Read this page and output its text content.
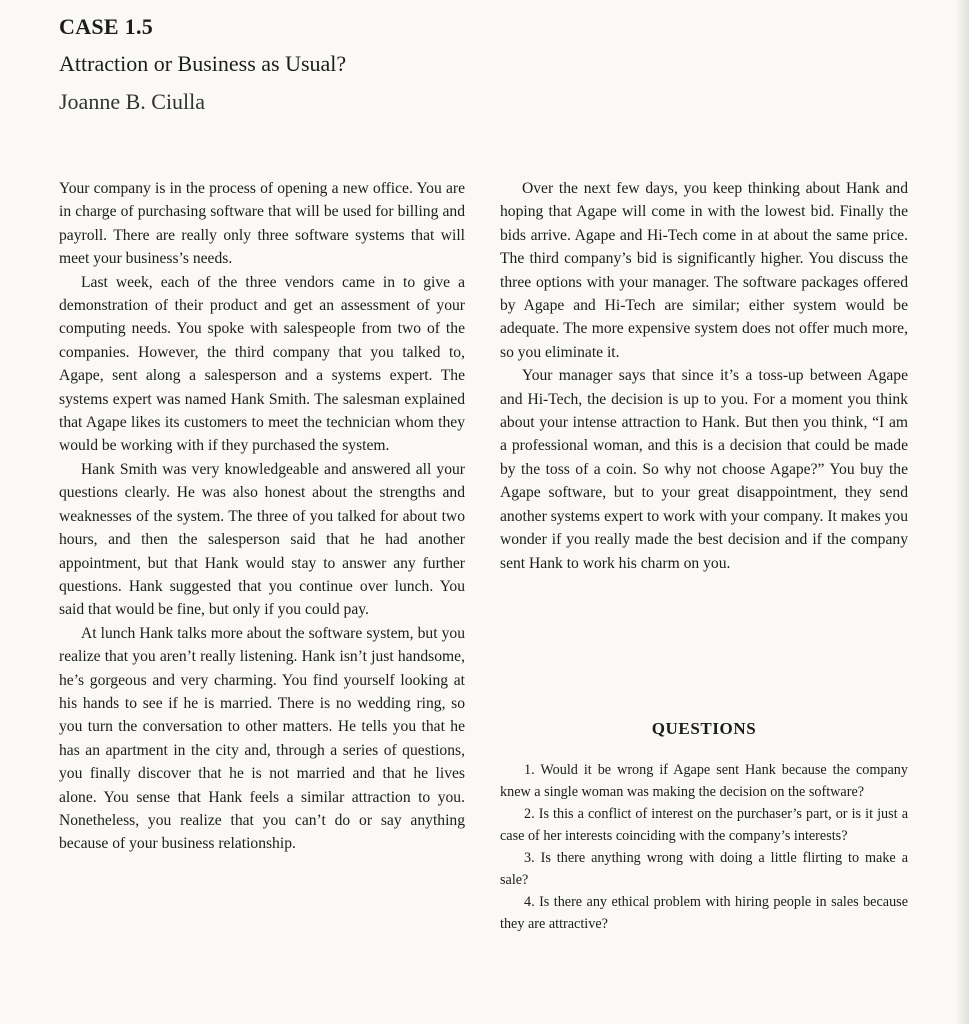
CASE 1.5
Attraction or Business as Usual?
Joanne B. Ciulla

Your company is in the process of opening a new office. You are in charge of purchasing software that will be used for billing and payroll. There are really only three software systems that will meet your business’s needs.

Last week, each of the three vendors came in to give a demonstration of their product and get an assessment of your computing needs. You spoke with salespeople from two of the companies. However, the third company that you talked to, Agape, sent along a salesperson and a systems expert. The systems expert was named Hank Smith. The salesman explained that Agape likes its customers to meet the technician whom they would be working with if they purchased the system.

Hank Smith was very knowledgeable and answered all your questions clearly. He was also honest about the strengths and weaknesses of the system. The three of you talked for about two hours, and then the salesperson said that he had another appointment, but that Hank would stay to answer any further questions. Hank suggested that you continue over lunch. You said that would be fine, but only if you could pay.

At lunch Hank talks more about the software system, but you realize that you aren’t really listening. Hank isn’t just handsome, he’s gorgeous and very charming. You find yourself looking at his hands to see if he is married. There is no wedding ring, so you turn the conversation to other matters. He tells you that he has an apartment in the city and, through a series of questions, you finally discover that he is not married and that he lives alone. You sense that Hank feels a similar attraction to you. Nonetheless, you realize that you can’t do or say anything because of your business relationship.

Over the next few days, you keep thinking about Hank and hoping that Agape will come in with the lowest bid. Finally the bids arrive. Agape and Hi-Tech come in at about the same price. The third company’s bid is significantly higher. You discuss the three options with your manager. The software packages offered by Agape and Hi-Tech are similar; either system would be adequate. The more expensive system does not offer much more, so you eliminate it.

Your manager says that since it’s a toss-up between Agape and Hi-Tech, the decision is up to you. For a moment you think about your intense attraction to Hank. But then you think, “I am a professional woman, and this is a decision that could be made by the toss of a coin. So why not choose Agape?” You buy the Agape software, but to your great disappointment, they send another systems expert to work with your company. It makes you wonder if you really made the best decision and if the company sent Hank to work his charm on you.

QUESTIONS

1. Would it be wrong if Agape sent Hank because the company knew a single woman was making the decision on the software?

2. Is this a conflict of interest on the purchaser’s part, or is it just a case of her interests coinciding with the company’s interests?

3. Is there anything wrong with doing a little flirting to make a sale?

4. Is there any ethical problem with hiring people in sales because they are attractive?
